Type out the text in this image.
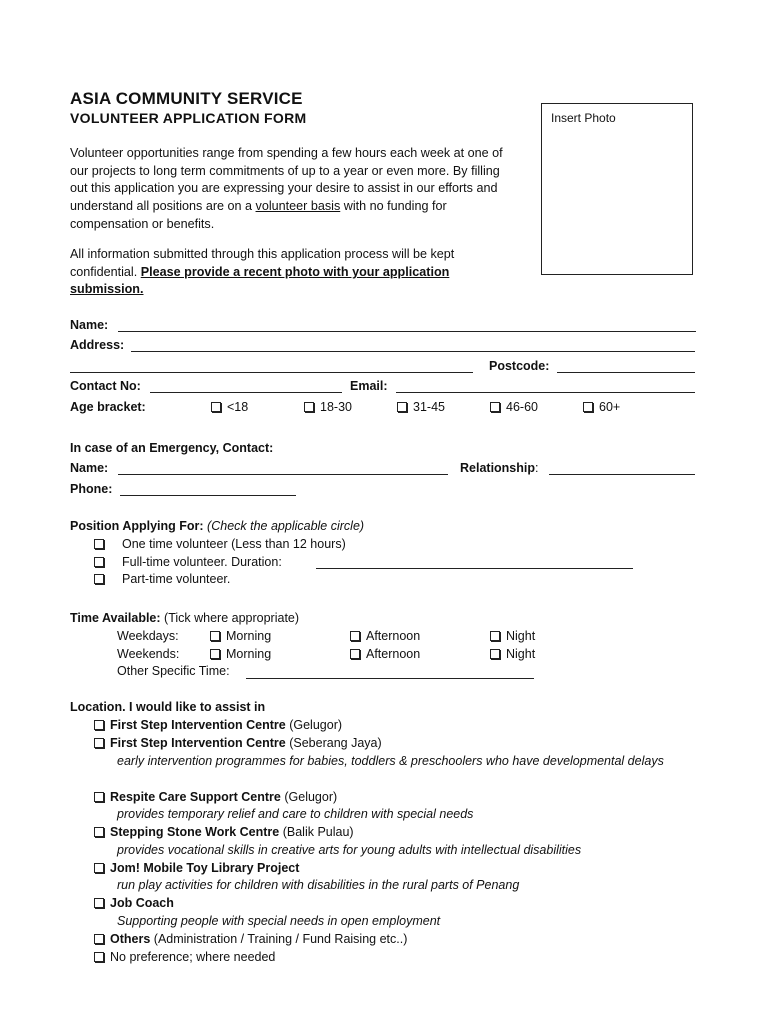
ASIA COMMUNITY SERVICE
VOLUNTEER APPLICATION FORM	Insert Photo
Volunteer opportunities range from spending a few hours each week at one of our projects to long term commitments of up to a year or even more. By filling out this application you are expressing your desire to assist in our efforts and understand all positions are on a volunteer basis with no funding for compensation or benefits.
All information submitted through this application process will be kept confidential. Please provide a recent photo with your application submission.
Name:
Address:
Postcode:
Contact No:	Email:
Age bracket:	<18	18-30	31-45	46-60	60+
In case of an Emergency, Contact:
Name:	Relationship:
Phone:
Position Applying For: (Check the applicable circle)
One time volunteer (Less than 12 hours)
Full-time volunteer. Duration:
Part-time volunteer.
Time Available: (Tick where appropriate)
Weekdays:	Morning	Afternoon	Night
Weekends:	Morning	Afternoon	Night
Other Specific Time:
Location. I would like to assist in
First Step Intervention Centre (Gelugor)
First Step Intervention Centre (Seberang Jaya)
early intervention programmes for babies, toddlers & preschoolers who have developmental delays
Respite Care Support Centre (Gelugor)
provides temporary relief and care to children with special needs
Stepping Stone Work Centre (Balik Pulau)
provides vocational skills in creative arts for young adults with intellectual disabilities
Jom! Mobile Toy Library Project
run play activities for children with disabilities in the rural parts of Penang
Job Coach
Supporting people with special needs in open employment
Others (Administration / Training / Fund Raising etc..)
No preference; where needed
